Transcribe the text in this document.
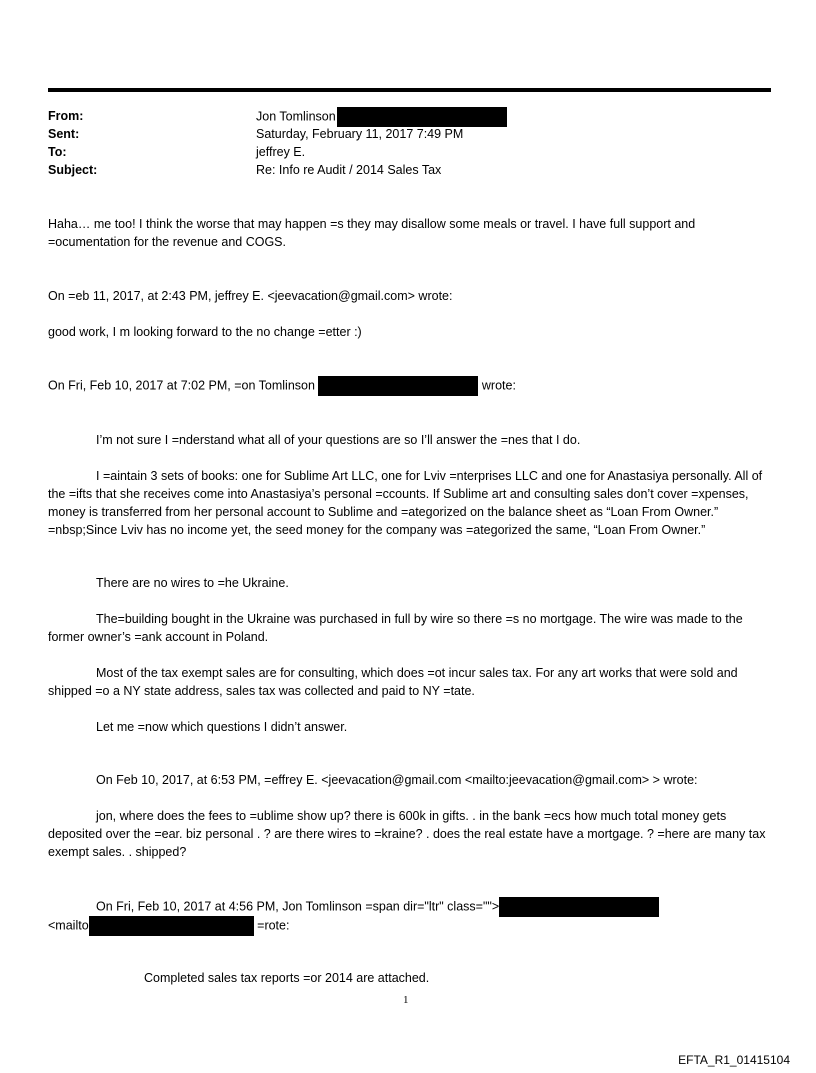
From:	Jon Tomlinson
Sent:	Saturday, February 11, 2017 7:49 PM
To:	jeffrey E.
Subject:	Re: Info re Audit / 2014 Sales Tax

Haha… me too! I think the worse that may happen =s they may disallow some meals or travel. I have full support and =ocumentation for the revenue and COGS.

On =eb 11, 2017, at 2:43 PM, jeffrey E. <jeevacation@gmail.com> wrote:

good work, I m looking forward to the no change =etter :)

On Fri, Feb 10, 2017 at 7:02 PM, =on Tomlinson	wrote:

I’m not sure I =nderstand what all of your questions are so I’ll answer the =nes that I do.

I =aintain 3 sets of books: one for Sublime Art LLC, one for Lviv =nterprises LLC and one for Anastasiya personally. All of the =ifts that she receives come into Anastasiya’s personal =ccounts. If Sublime art and consulting sales don’t cover =xpenses, money is transferred from her personal account to Sublime and =ategorized on the balance sheet as “Loan From Owner.” =nbsp;Since Lviv has no income yet, the seed money for the company was =ategorized the same, “Loan From Owner.”

There are no wires to =he Ukraine.

The=building bought in the Ukraine was purchased in full by wire so there =s no mortgage. The wire was made to the former owner’s =ank account in Poland.

Most of the tax exempt sales are for consulting, which does =ot incur sales tax. For any art works that were sold and shipped =o a NY state address, sales tax was collected and paid to NY =tate.

Let me =now which questions I didn’t answer.

On Feb 10, 2017, at 6:53 PM, =effrey E. <jeevacation@gmail.com <mailto:jeevacation@gmail.com> > wrote:

jon, where does the fees to =ublime show up? there is 600k in gifts. . in the bank =ecs how much total money gets deposited over the =ear. biz personal . ? are there wires to =kraine? . does the real estate have a mortgage. ? =here are many tax exempt sales. . shipped?

On Fri, Feb 10, 2017 at 4:56 PM, Jon Tomlinson =span dir="ltr" class="">
<mailto	=rote:

Completed sales tax reports =or 2014 are attached.

1
EFTA_R1_01415104
